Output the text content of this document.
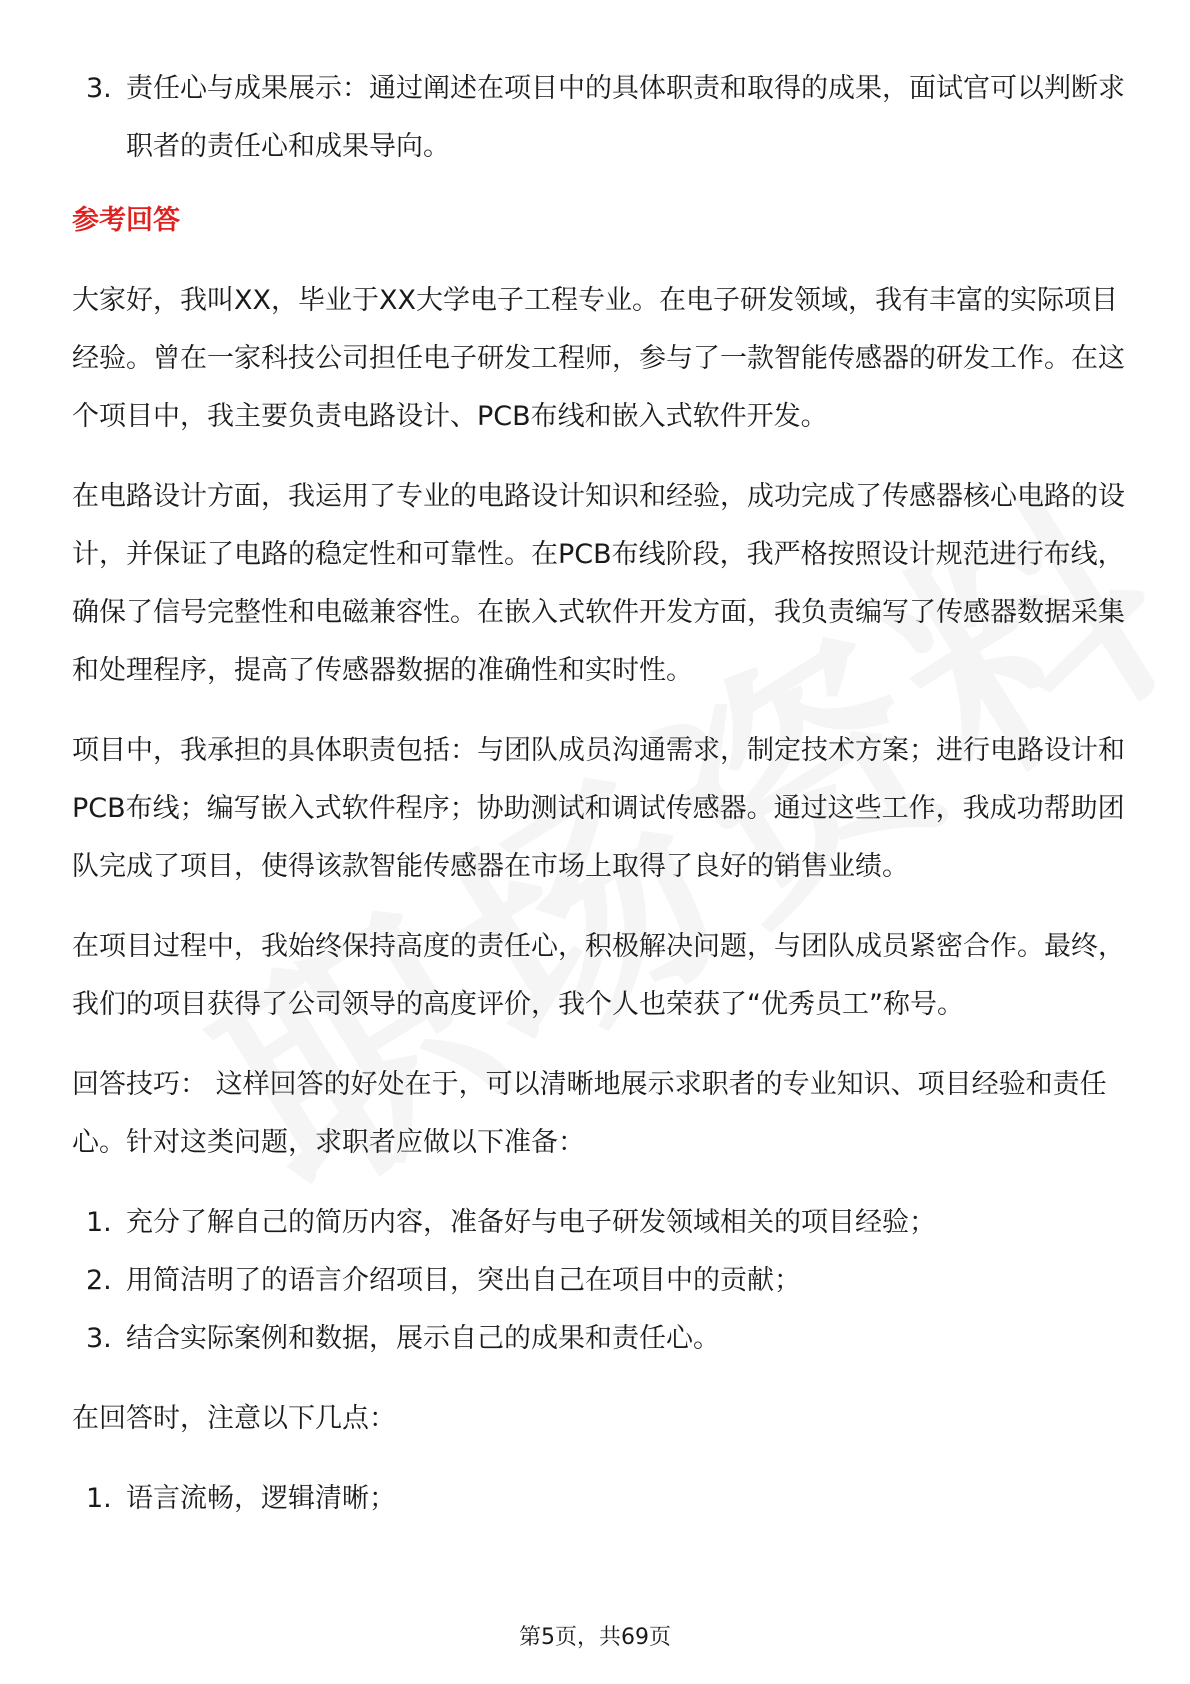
3. 责任心与成果展示：通过阐述在项目中的具体职责和取得的成果，面试官可以判断求职者的责任心和成果导向。
参考回答

大家好，我叫XX，毕业于XX大学电子工程专业。在电子研发领域，我有丰富的实际项目经验。曾在一家科技公司担任电子研发工程师，参与了一款智能传感器的研发工作。在这个项目中，我主要负责电路设计、PCB布线和嵌入式软件开发。

在电路设计方面，我运用了专业的电路设计知识和经验，成功完成了传感器核心电路的设计，并保证了电路的稳定性和可靠性。在PCB布线阶段，我严格按照设计规范进行布线，确保了信号完整性和电磁兼容性。在嵌入式软件开发方面，我负责编写了传感器数据采集和处理程序，提高了传感器数据的准确性和实时性。

项目中，我承担的具体职责包括：与团队成员沟通需求，制定技术方案；进行电路设计和PCB布线；编写嵌入式软件程序；协助测试和调试传感器。通过这些工作，我成功帮助团队完成了项目，使得该款智能传感器在市场上取得了良好的销售业绩。

在项目过程中，我始终保持高度的责任心，积极解决问题，与团队成员紧密合作。最终，我们的项目获得了公司领导的高度评价，我个人也荣获了“优秀员工”称号。

回答技巧： 这样回答的好处在于，可以清晰地展示求职者的专业知识、项目经验和责任心。针对这类问题，求职者应做以下准备：

1. 充分了解自己的简历内容，准备好与电子研发领域相关的项目经验；
2. 用简洁明了的语言介绍项目，突出自己在项目中的贡献；
3. 结合实际案例和数据，展示自己的成果和责任心。

在回答时，注意以下几点：

1. 语言流畅，逻辑清晰；
第5页，共69页
